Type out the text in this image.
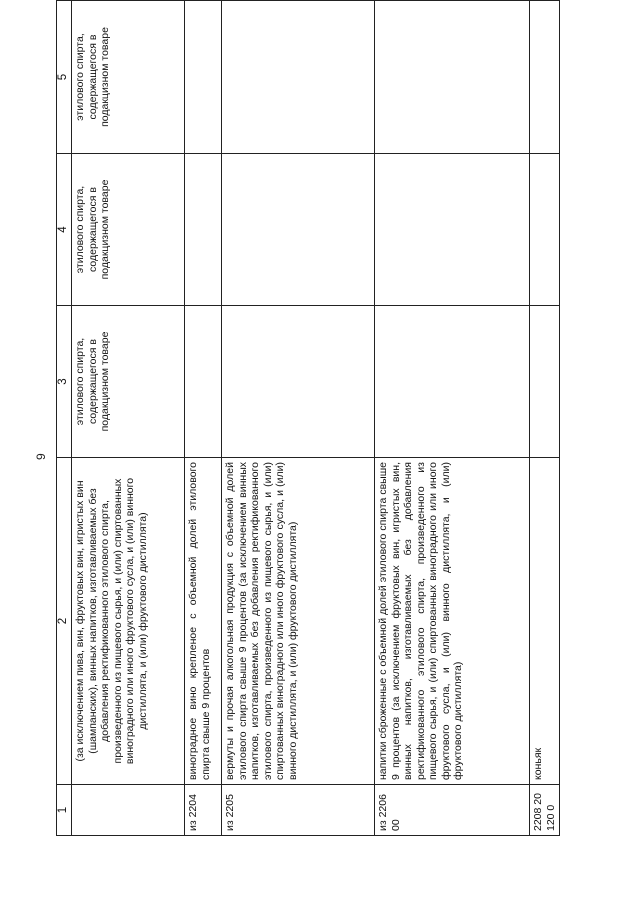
9
1	2	3	4	5
	(за исключением пива, вин, фруктовых вин, игристых вин (шампанских), винных напитков, изготавливаемых без добавления ректификованного этилового спирта, произведенного из пищевого сырья, и (или) спиртованных виноградного или иного фруктового сусла, и (или) винного дистиллята, и (или) фруктового дистиллята)	этилового спирта, содержащегося в подакцизном товаре	этилового спирта, содержащегося в подакцизном товаре	этилового спирта, содержащегося в подакцизном товаре
из 2204	виноградное вино крепленое с объемной долей этилового спирта свыше 9 процентов			
из 2205	вермуты и прочая алкогольная продукция с объемной долей этилового спирта свыше 9 процентов (за исключением винных напитков, изготавливаемых без добавления ректификованного этилового спирта, произведенного из пищевого сырья, и (или) спиртованных виноградного или иного фруктового сусла, и (или) винного дистиллята, и (или) фруктового дистиллята)			
из 2206 00	напитки сброженные с объемной долей этилового спирта свыше 9 процентов (за исключением фруктовых вин, игристых вин, винных напитков, изготавливаемых без добавления ректификованного этилового спирта, произведенного из пищевого сырья, и (или) спиртованных виноградного или иного фруктового сусла, и (или) винного дистиллята, и (или) фруктового дистиллята)			
2208 20 120 0	коньяк			
